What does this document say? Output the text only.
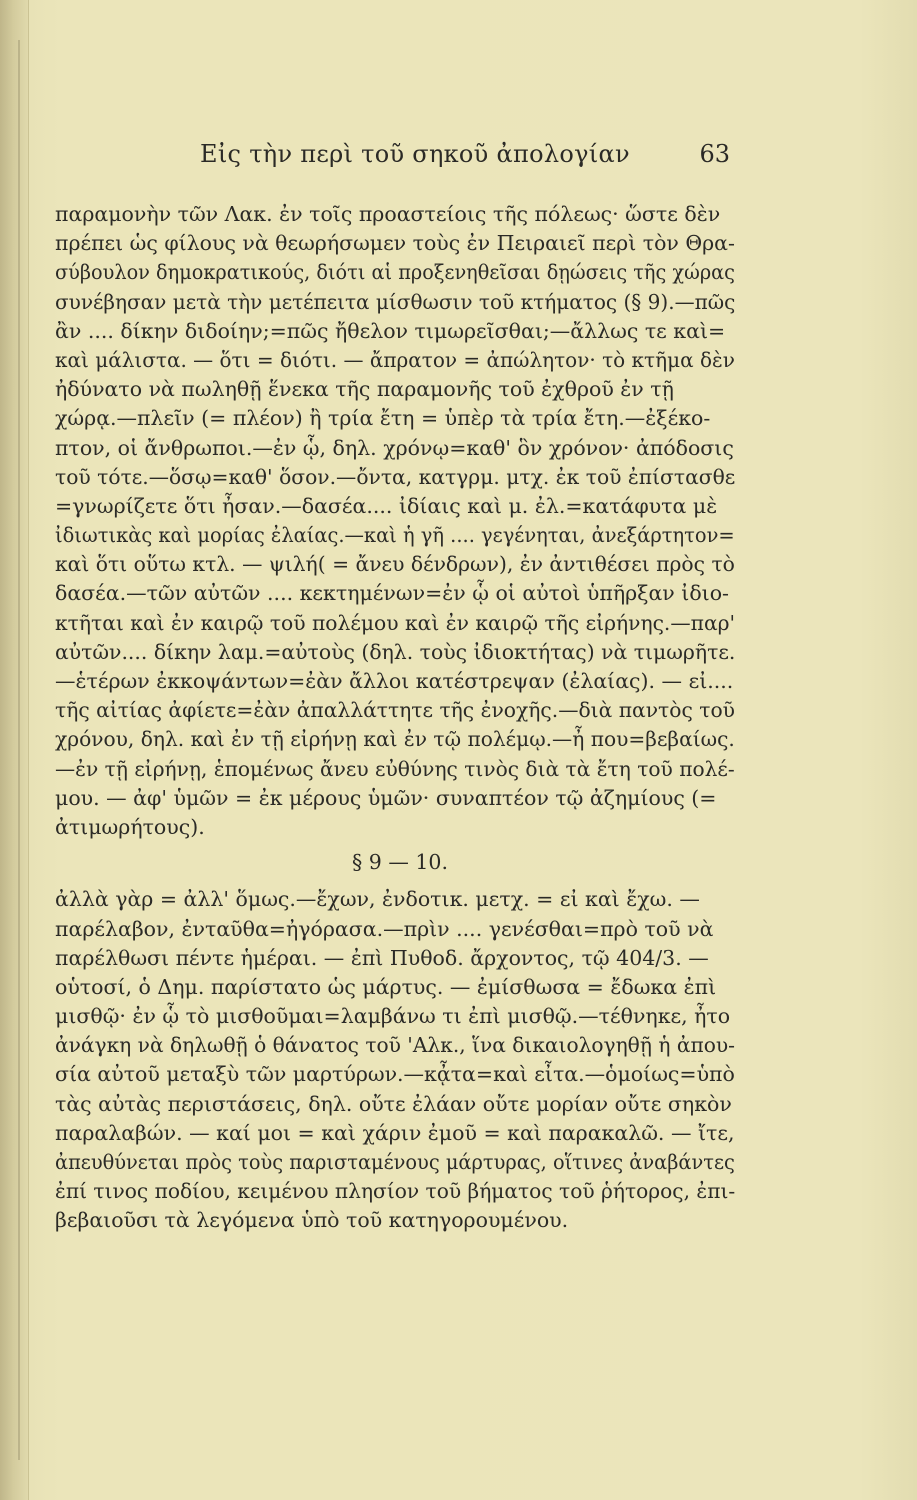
Εἰς τὴν περὶ τοῦ σηκοῦ ἀπολογίαν	63
παραμονὴν τῶν Λακ. ἐν τοῖς προαστείοις τῆς πόλεως· ὥστε δὲν
πρέπει ὡς φίλους νὰ θεωρήσωμεν τοὺς ἐν Πειραιεῖ περὶ τὸν Θρα-
σύβουλον δημοκρατικούς, διότι αἱ προξενηθεῖσαι δῃώσεις τῆς χώρας
συνέβησαν μετὰ τὴν μετέπειτα μίσθωσιν τοῦ κτήματος (§ 9).—πῶς
ἂν .... δίκην διδοίην;=πῶς ἤθελον τιμωρεῖσθαι;—ἄλλως τε καὶ=
καὶ μάλιστα. — ὅτι = διότι. — ἄπρατον = ἀπώλητον· τὸ κτῆμα δὲν
ἠδύνατο νὰ πωληθῇ ἕνεκα τῆς παραμονῆς τοῦ ἐχθροῦ ἐν τῇ
χώρᾳ.—πλεῖν (= πλέον) ἢ τρία ἔτη = ὑπὲρ τὰ τρία ἔτη.—ἐξέκο-
πτον, οἱ ἄνθρωποι.—ἐν ᾧ, δηλ. χρόνῳ=καθ' ὃν χρόνον· ἀπόδοσις
τοῦ τότε.—ὅσῳ=καθ' ὅσον.—ὄντα, κατγρμ. μτχ. ἐκ τοῦ ἐπίστασθε
=γνωρίζετε ὅτι ἦσαν.—δασέα.... ἰδίαις καὶ μ. ἐλ.=κατάφυτα μὲ
ἰδιωτικὰς καὶ μορίας ἐλαίας.—καὶ ἡ γῆ .... γεγένηται, ἀνεξάρτητον=
καὶ ὅτι οὕτω κτλ. — ψιλή( = ἄνευ δένδρων), ἐν ἀντιθέσει πρὸς τὸ
δασέα.—τῶν αὐτῶν .... κεκτημένων=ἐν ᾧ οἱ αὐτοὶ ὑπῆρξαν ἰδιο-
κτῆται καὶ ἐν καιρῷ τοῦ πολέμου καὶ ἐν καιρῷ τῆς εἰρήνης.—παρ'
αὐτῶν.... δίκην λαμ.=αὐτοὺς (δηλ. τοὺς ἰδιοκτήτας) νὰ τιμωρῆτε.
—ἑτέρων ἐκκοψάντων=ἐὰν ἄλλοι κατέστρεψαν (ἐλαίας). — εἰ....
τῆς αἰτίας ἀφίετε=ἐὰν ἀπαλλάττητε τῆς ἐνοχῆς.—διὰ παντὸς τοῦ
χρόνου, δηλ. καὶ ἐν τῇ εἰρήνῃ καὶ ἐν τῷ πολέμῳ.—ἦ που=βεβαίως.
—ἐν τῇ εἰρήνῃ, ἑπομένως ἄνευ εὐθύνης τινὸς διὰ τὰ ἔτη τοῦ πολέ-
μου. — ἀφ' ὑμῶν = ἐκ μέρους ὑμῶν· συναπτέον τῷ ἀζημίους (=
ἀτιμωρήτους).
§ 9 — 10.
ἀλλὰ γὰρ = ἀλλ' ὅμως.—ἔχων, ἐνδοτικ. μετχ. = εἰ καὶ ἔχω. —
παρέλαβον, ἐνταῦθα=ἠγόρασα.—πρὶν .... γενέσθαι=πρὸ τοῦ νὰ
παρέλθωσι πέντε ἡμέραι. — ἐπὶ Πυθοδ. ἄρχοντος, τῷ 404/3. —
οὑτοσί, ὁ Δημ. παρίστατο ὡς μάρτυς. — ἐμίσθωσα = ἔδωκα ἐπὶ
μισθῷ· ἐν ᾧ τὸ μισθοῦμαι=λαμβάνω τι ἐπὶ μισθῷ.—τέθνηκε, ἦτο
ἀνάγκη νὰ δηλωθῇ ὁ θάνατος τοῦ 'Αλκ., ἵνα δικαιολογηθῇ ἡ ἀπου-
σία αὐτοῦ μεταξὺ τῶν μαρτύρων.—κᾆτα=καὶ εἶτα.—ὁμοίως=ὑπὸ
τὰς αὐτὰς περιστάσεις, δηλ. οὔτε ἐλάαν οὔτε μορίαν οὔτε σηκὸν
παραλαβών. — καί μοι = καὶ χάριν ἐμοῦ = καὶ παρακαλῶ. — ἴτε,
ἀπευθύνεται πρὸς τοὺς παρισταμένους μάρτυρας, οἵτινες ἀναβάντες
ἐπί τινος ποδίου, κειμένου πλησίον τοῦ βήματος τοῦ ῥήτορος, ἐπι-
βεβαιοῦσι τὰ λεγόμενα ὑπὸ τοῦ κατηγορουμένου.
